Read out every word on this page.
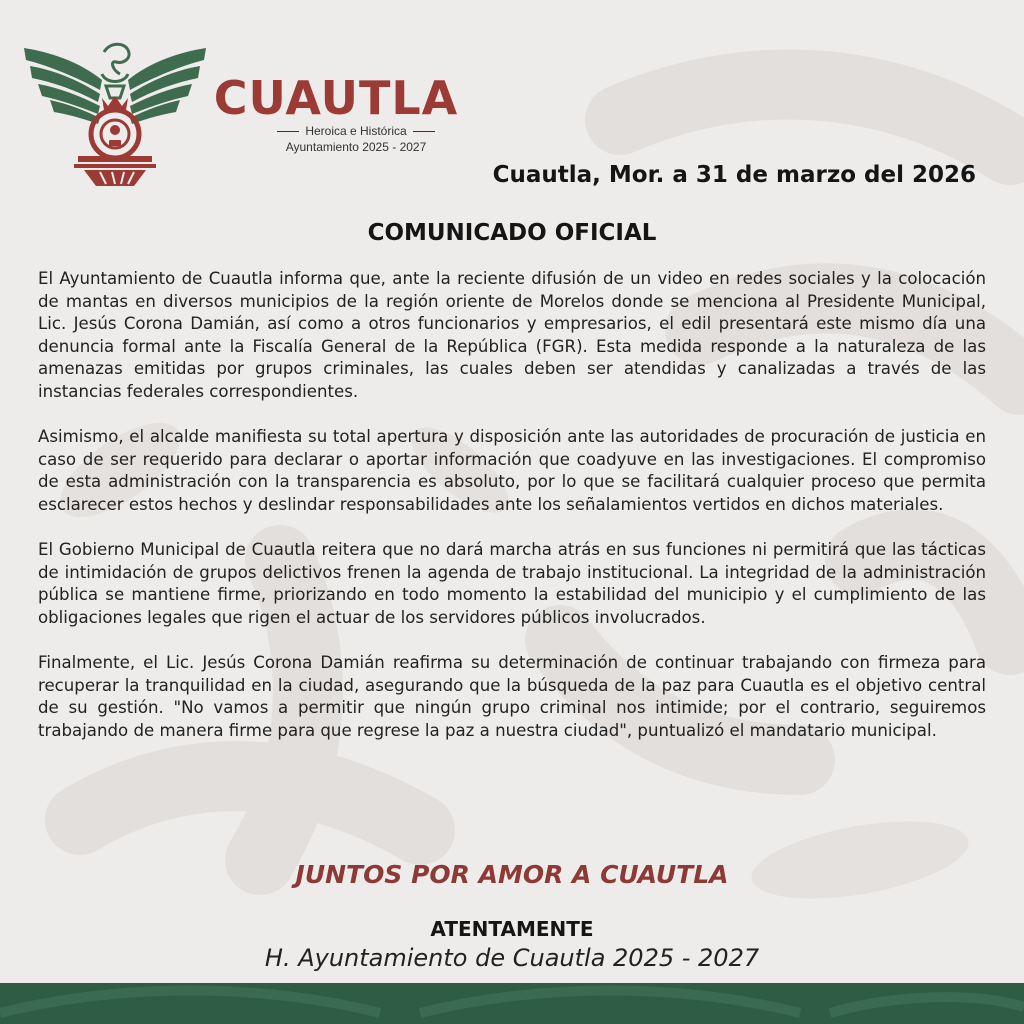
CUAUTLA
Heroica e Histórica
Ayuntamiento 2025 - 2027
Cuautla, Mor. a 31 de marzo del 2026
COMUNICADO OFICIAL

El Ayuntamiento de Cuautla informa que, ante la reciente difusión de un video en redes sociales y la colocación de mantas en diversos municipios de la región oriente de Morelos donde se menciona al Presidente Municipal, Lic. Jesús Corona Damián, así como a otros funcionarios y empresarios, el edil presentará este mismo día una denuncia formal ante la Fiscalía General de la República (FGR). Esta medida responde a la naturaleza de las amenazas emitidas por grupos criminales, las cuales deben ser atendidas y canalizadas a través de las instancias federales correspondientes.

Asimismo, el alcalde manifiesta su total apertura y disposición ante las autoridades de procuración de justicia en caso de ser requerido para declarar o aportar información que coadyuve en las investigaciones. El compromiso de esta administración con la transparencia es absoluto, por lo que se facilitará cualquier proceso que permita esclarecer estos hechos y deslindar responsabilidades ante los señalamientos vertidos en dichos materiales.

El Gobierno Municipal de Cuautla reitera que no dará marcha atrás en sus funciones ni permitirá que las tácticas de intimidación de grupos delictivos frenen la agenda de trabajo institucional. La integridad de la administración pública se mantiene firme, priorizando en todo momento la estabilidad del municipio y el cumplimiento de las obligaciones legales que rigen el actuar de los servidores públicos involucrados.

Finalmente, el Lic. Jesús Corona Damián reafirma su determinación de continuar trabajando con firmeza para recuperar la tranquilidad en la ciudad, asegurando que la búsqueda de la paz para Cuautla es el objetivo central de su gestión. "No vamos a permitir que ningún grupo criminal nos intimide; por el contrario, seguiremos trabajando de manera firme para que regrese la paz a nuestra ciudad", puntualizó el mandatario municipal.

JUNTOS POR AMOR A CUAUTLA
ATENTAMENTE
H. Ayuntamiento de Cuautla 2025 - 2027
